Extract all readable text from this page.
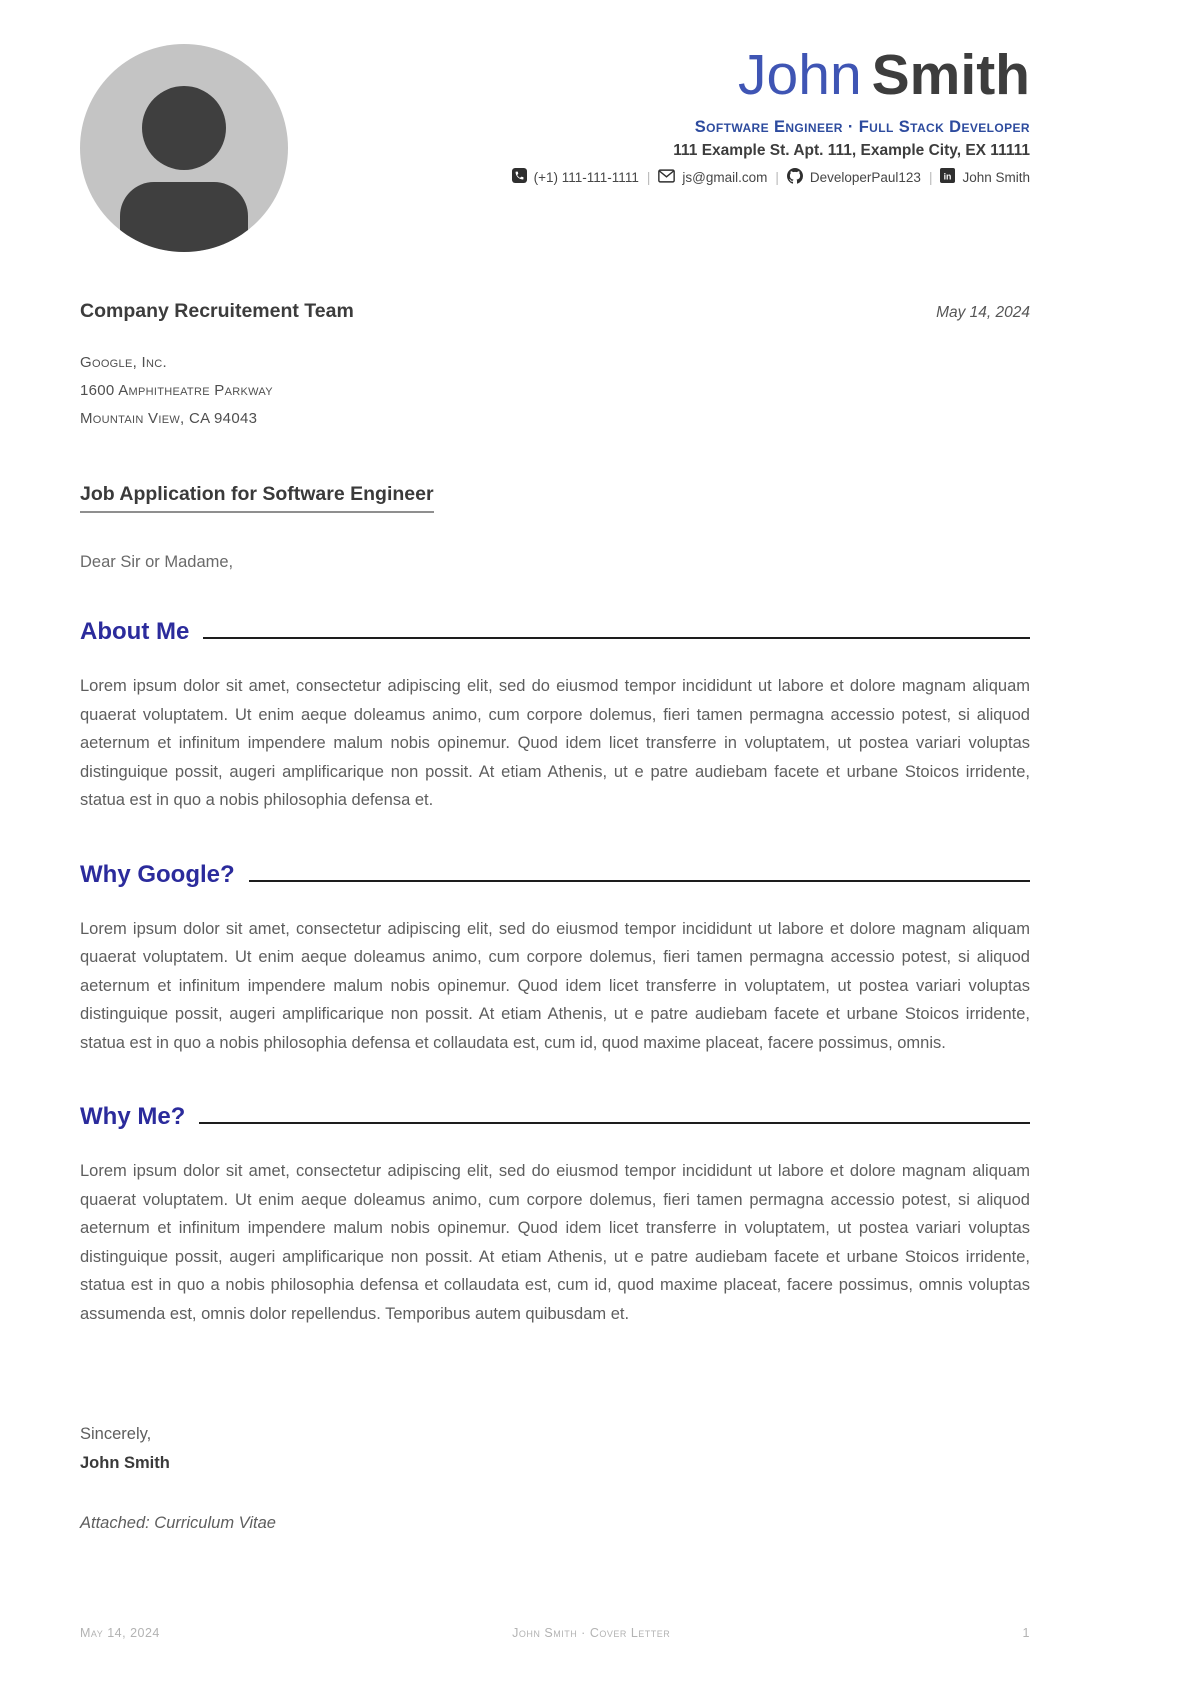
John Smith
Software Engineer · Full Stack Developer
111 Example St. Apt. 111, Example City, EX 11111
(+1) 111-111-1111 | js@gmail.com | DeveloperPaul123 | in John Smith
Company Recruitement Team	May 14, 2024
Google, Inc.
1600 Amphitheatre Parkway
Mountain View, CA 94043
Job Application for Software Engineer
Dear Sir or Madame,
About Me
Lorem ipsum dolor sit amet, consectetur adipiscing elit, sed do eiusmod tempor incididunt ut labore et dolore magnam aliquam quaerat voluptatem. Ut enim aeque doleamus animo, cum corpore dolemus, fieri tamen permagna accessio potest, si aliquod aeternum et infinitum impendere malum nobis opinemur. Quod idem licet transferre in voluptatem, ut postea variari voluptas distinguique possit, augeri amplificarique non possit. At etiam Athenis, ut e patre audiebam facete et urbane Stoicos irridente, statua est in quo a nobis philosophia defensa et.
Why Google?
Lorem ipsum dolor sit amet, consectetur adipiscing elit, sed do eiusmod tempor incididunt ut labore et dolore magnam aliquam quaerat voluptatem. Ut enim aeque doleamus animo, cum corpore dolemus, fieri tamen permagna accessio potest, si aliquod aeternum et infinitum impendere malum nobis opinemur. Quod idem licet transferre in voluptatem, ut postea variari voluptas distinguique possit, augeri amplificarique non possit. At etiam Athenis, ut e patre audiebam facete et urbane Stoicos irridente, statua est in quo a nobis philosophia defensa et collaudata est, cum id, quod maxime placeat, facere possimus, omnis.
Why Me?
Lorem ipsum dolor sit amet, consectetur adipiscing elit, sed do eiusmod tempor incididunt ut labore et dolore magnam aliquam quaerat voluptatem. Ut enim aeque doleamus animo, cum corpore dolemus, fieri tamen permagna accessio potest, si aliquod aeternum et infinitum impendere malum nobis opinemur. Quod idem licet transferre in voluptatem, ut postea variari voluptas distinguique possit, augeri amplificarique non possit. At etiam Athenis, ut e patre audiebam facete et urbane Stoicos irridente, statua est in quo a nobis philosophia defensa et collaudata est, cum id, quod maxime placeat, facere possimus, omnis voluptas assumenda est, omnis dolor repellendus. Temporibus autem quibusdam et.
Sincerely,
John Smith
Attached: Curriculum Vitae
May 14, 2024	John Smith · Cover Letter	1
